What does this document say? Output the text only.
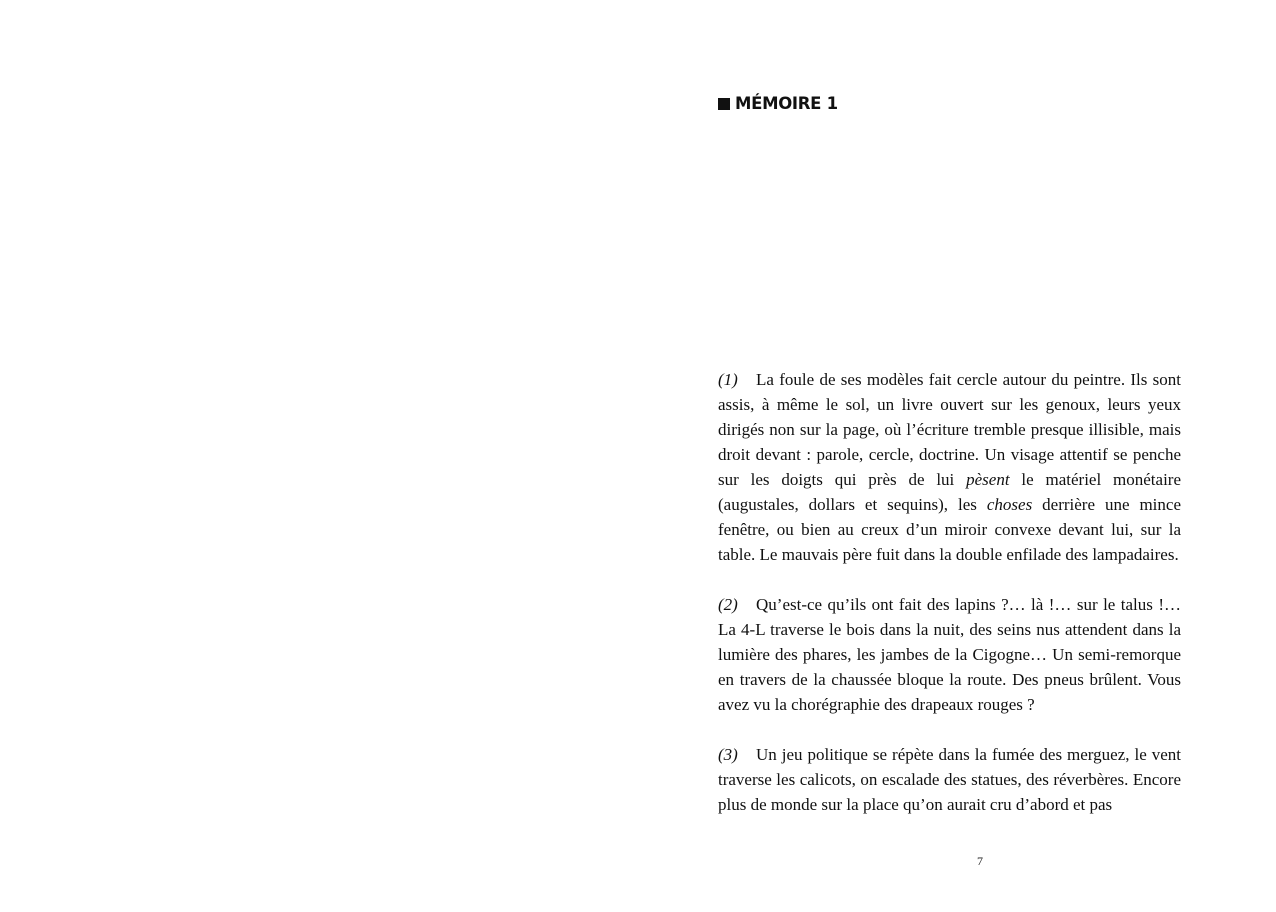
MÉMOIRE 1

(1) La foule de ses modèles fait cercle autour du peintre. Ils sont assis, à même le sol, un livre ouvert sur les genoux, leurs yeux dirigés non sur la page, où l’écriture tremble presque illisible, mais droit devant : parole, cercle, doctrine. Un visage attentif se penche sur les doigts qui près de lui pèsent le matériel monétaire (augustales, dollars et sequins), les choses derrière une mince fenêtre, ou bien au creux d’un miroir convexe devant lui, sur la table. Le mauvais père fuit dans la double enfilade des lampadaires.

(2) Qu’est-ce qu’ils ont fait des lapins ?… là !… sur le talus !… La 4-L traverse le bois dans la nuit, des seins nus attendent dans la lumière des phares, les jambes de la Cigogne… Un semi-remorque en travers de la chaussée bloque la route. Des pneus brûlent. Vous avez vu la chorégraphie des drapeaux rouges ?

(3) Un jeu politique se répète dans la fumée des merguez, le vent traverse les calicots, on escalade des statues, des réverbères. Encore plus de monde sur la place qu’on aurait cru d’abord et pas

7
